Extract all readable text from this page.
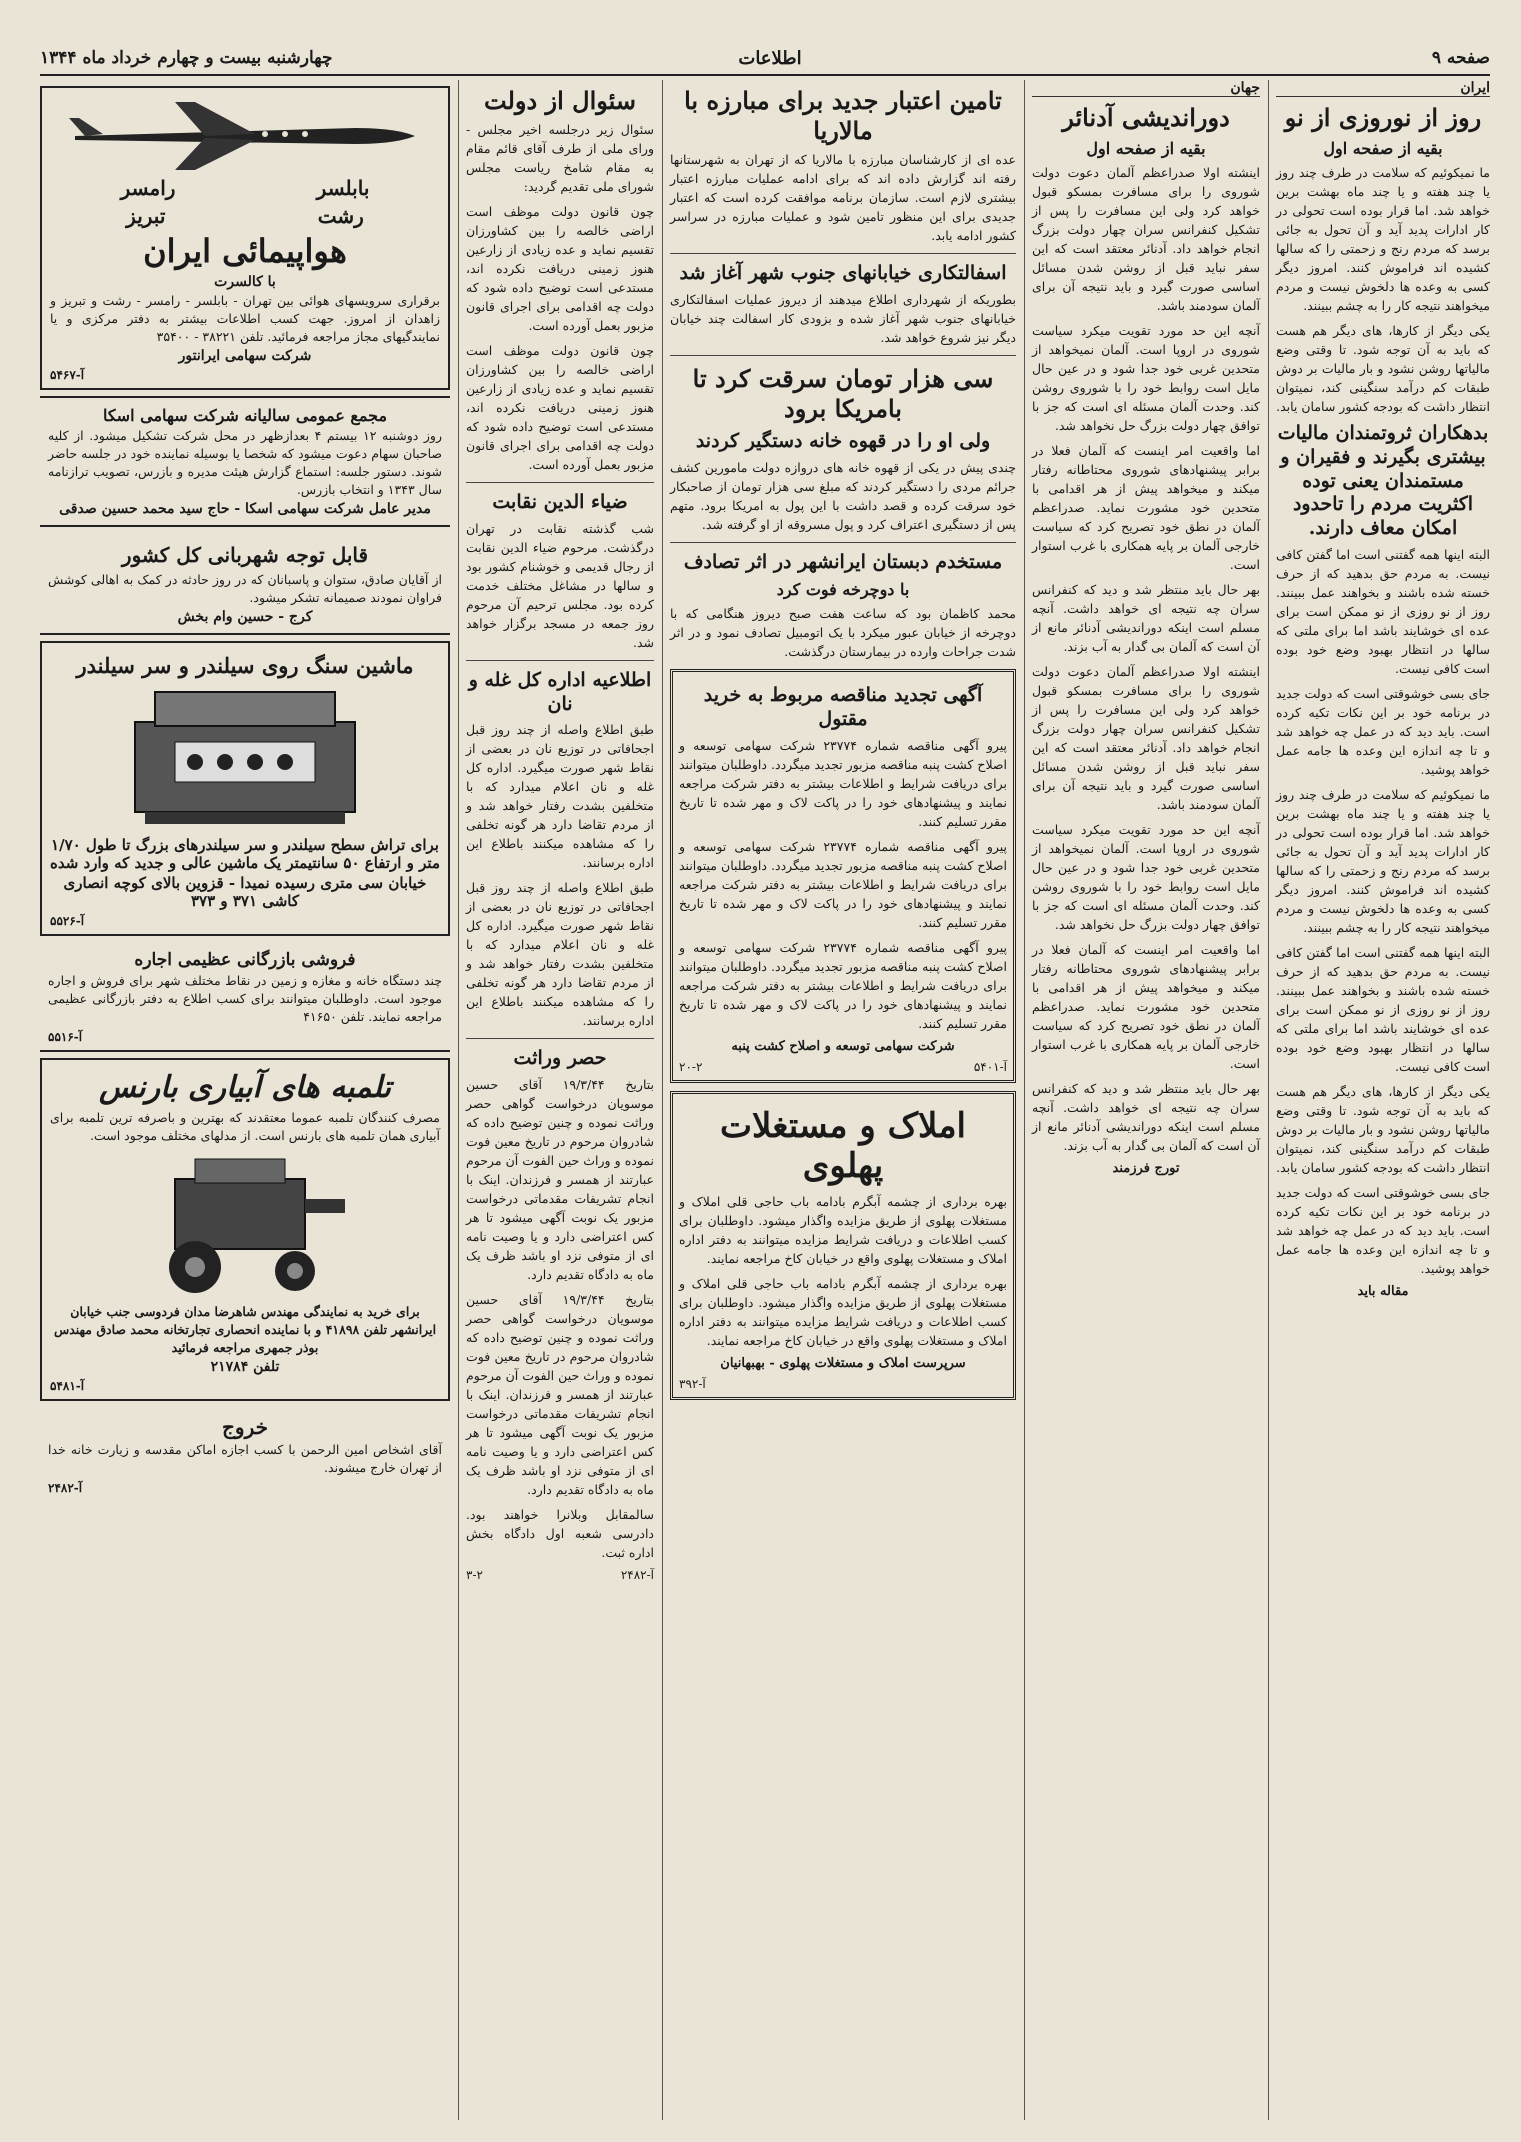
صفحه ۹
اطلاعات
چهارشنبه بیست و چهارم خرداد ماه ۱۳۴۴
ایران
روز از نوروزی از نو
بقیه از صفحه اول

ما نمیکوئیم که سلامت در طرف چند روز یا چند هفته و یا چند ماه بهشت برین خواهد شد. اما قرار بوده است تحولی در کار ادارات پدید آید و آن تحول به جائی برسد که مردم رنج و زحمتی را که سالها کشیده اند فراموش کنند. امروز دیگر کسی به وعده ها دلخوش نیست و مردم میخواهند نتیجه کار را به چشم ببینند.

یکی دیگر از کارها، های دیگر هم هست که باید به آن توجه شود. تا وقتی وضع مالیاتها روشن نشود و بار مالیات بر دوش طبقات کم درآمد سنگینی کند، نمیتوان انتظار داشت که بودجه کشور سامان یابد.

بدهکاران ثروتمندان مالیات بیشتری بگیرند و فقیران و مستمندان یعنی توده اکثریت مردم را تاحدود امکان معاف دارند.

البته اینها همه گفتنی است اما گفتن کافی نیست. به مردم حق بدهید که از حرف خسته شده باشند و بخواهند عمل ببینند. روز از نو روزی از نو ممکن است برای عده ای خوشایند باشد اما برای ملتی که سالها در انتظار بهبود وضع خود بوده است کافی نیست.

جای بسی خوشوقتی است که دولت جدید در برنامه خود بر این نکات تکیه کرده است. باید دید که در عمل چه خواهد شد و تا چه اندازه این وعده ها جامه عمل خواهد پوشید.

ما نمیکوئیم که سلامت در طرف چند روز یا چند هفته و یا چند ماه بهشت برین خواهد شد. اما قرار بوده است تحولی در کار ادارات پدید آید و آن تحول به جائی برسد که مردم رنج و زحمتی را که سالها کشیده اند فراموش کنند. امروز دیگر کسی به وعده ها دلخوش نیست و مردم میخواهند نتیجه کار را به چشم ببینند.

البته اینها همه گفتنی است اما گفتن کافی نیست. به مردم حق بدهید که از حرف خسته شده باشند و بخواهند عمل ببینند. روز از نو روزی از نو ممکن است برای عده ای خوشایند باشد اما برای ملتی که سالها در انتظار بهبود وضع خود بوده است کافی نیست.

یکی دیگر از کارها، های دیگر هم هست که باید به آن توجه شود. تا وقتی وضع مالیاتها روشن نشود و بار مالیات بر دوش طبقات کم درآمد سنگینی کند، نمیتوان انتظار داشت که بودجه کشور سامان یابد.

جای بسی خوشوقتی است که دولت جدید در برنامه خود بر این نکات تکیه کرده است. باید دید که در عمل چه خواهد شد و تا چه اندازه این وعده ها جامه عمل خواهد پوشید.

مقاله باید
جهان
دوراندیشی آدنائر
بقیه از صفحه اول

اینشته اولا صدراعظم آلمان دعوت دولت شوروی را برای مسافرت بمسکو قبول خواهد کرد ولی این مسافرت را پس از تشکیل کنفرانس سران چهار دولت بزرگ انجام خواهد داد. آدنائر معتقد است که این سفر نباید قبل از روشن شدن مسائل اساسی صورت گیرد و باید نتیجه آن برای آلمان سودمند باشد.

آنچه این حد مورد تقویت میکرد سیاست شوروی در اروپا است. آلمان نمیخواهد از متحدین غربی خود جدا شود و در عین حال مایل است روابط خود را با شوروی روشن کند. وحدت آلمان مسئله ای است که جز با توافق چهار دولت بزرگ حل نخواهد شد.

اما واقعیت امر اینست که آلمان فعلا در برابر پیشنهادهای شوروی محتاطانه رفتار میکند و میخواهد پیش از هر اقدامی با متحدین خود مشورت نماید. صدراعظم آلمان در نطق خود تصریح کرد که سیاست خارجی آلمان بر پایه همکاری با غرب استوار است.

بهر حال باید منتظر شد و دید که کنفرانس سران چه نتیجه ای خواهد داشت. آنچه مسلم است اینکه دوراندیشی آدنائر مانع از آن است که آلمان بی گدار به آب بزند.

اینشته اولا صدراعظم آلمان دعوت دولت شوروی را برای مسافرت بمسکو قبول خواهد کرد ولی این مسافرت را پس از تشکیل کنفرانس سران چهار دولت بزرگ انجام خواهد داد. آدنائر معتقد است که این سفر نباید قبل از روشن شدن مسائل اساسی صورت گیرد و باید نتیجه آن برای آلمان سودمند باشد.

آنچه این حد مورد تقویت میکرد سیاست شوروی در اروپا است. آلمان نمیخواهد از متحدین غربی خود جدا شود و در عین حال مایل است روابط خود را با شوروی روشن کند. وحدت آلمان مسئله ای است که جز با توافق چهار دولت بزرگ حل نخواهد شد.

اما واقعیت امر اینست که آلمان فعلا در برابر پیشنهادهای شوروی محتاطانه رفتار میکند و میخواهد پیش از هر اقدامی با متحدین خود مشورت نماید. صدراعظم آلمان در نطق خود تصریح کرد که سیاست خارجی آلمان بر پایه همکاری با غرب استوار است.

بهر حال باید منتظر شد و دید که کنفرانس سران چه نتیجه ای خواهد داشت. آنچه مسلم است اینکه دوراندیشی آدنائر مانع از آن است که آلمان بی گدار به آب بزند.

تورج فرزمند
تامین اعتبار جدید برای مبارزه با مالاریا

عده ای از کارشناسان مبارزه با مالاریا که از تهران به شهرستانها رفته اند گزارش داده اند که برای ادامه عملیات مبارزه اعتبار بیشتری لازم است. سازمان برنامه موافقت کرده است که اعتبار جدیدی برای این منظور تامین شود و عملیات مبارزه در سراسر کشور ادامه یابد.

اسفالتکاری خیابانهای جنوب شهر آغاز شد

بطوریکه از شهرداری اطلاع میدهند از دیروز عملیات اسفالتکاری خیابانهای جنوب شهر آغاز شده و بزودی کار اسفالت چند خیابان دیگر نیز شروع خواهد شد.

سی هزار تومان سرقت کرد تا بامریکا برود
ولی او را در قهوه خانه دستگیر کردند

چندی پیش در یکی از قهوه خانه های دروازه دولت مامورین کشف جرائم مردی را دستگیر کردند که مبلغ سی هزار تومان از صاحبکار خود سرقت کرده و قصد داشت با این پول به امریکا برود. متهم پس از دستگیری اعتراف کرد و پول مسروقه از او گرفته شد.

مستخدم دبستان ایرانشهر در اثر تصادف
با دوچرخه فوت کرد

محمد کاظمان بود که ساعت هفت صبح دیروز هنگامی که با دوچرخه از خیابان عبور میکرد با یک اتومبیل تصادف نمود و در اثر شدت جراحات وارده در بیمارستان درگذشت.

آگهی تجدید مناقصه مربوط به خرید مقتول

پیرو آگهی مناقصه شماره ۲۳۷۷۴ شرکت سهامی توسعه و اصلاح کشت پنبه مناقصه مزبور تجدید میگردد. داوطلبان میتوانند برای دریافت شرایط و اطلاعات بیشتر به دفتر شرکت مراجعه نمایند و پیشنهادهای خود را در پاکت لاک و مهر شده تا تاریخ مقرر تسلیم کنند.

پیرو آگهی مناقصه شماره ۲۳۷۷۴ شرکت سهامی توسعه و اصلاح کشت پنبه مناقصه مزبور تجدید میگردد. داوطلبان میتوانند برای دریافت شرایط و اطلاعات بیشتر به دفتر شرکت مراجعه نمایند و پیشنهادهای خود را در پاکت لاک و مهر شده تا تاریخ مقرر تسلیم کنند.

پیرو آگهی مناقصه شماره ۲۳۷۷۴ شرکت سهامی توسعه و اصلاح کشت پنبه مناقصه مزبور تجدید میگردد. داوطلبان میتوانند برای دریافت شرایط و اطلاعات بیشتر به دفتر شرکت مراجعه نمایند و پیشنهادهای خود را در پاکت لاک و مهر شده تا تاریخ مقرر تسلیم کنند.

شرکت سهامی توسعه و اصلاح کشت پنبه
آ-۵۴۰۱
۲۰-۲
املاک و مستغلات پهلوی

بهره برداری از چشمه آبگرم بادامه باب حاجی قلی املاک و مستغلات پهلوی از طریق مزایده واگذار میشود. داوطلبان برای کسب اطلاعات و دریافت شرایط مزایده میتوانند به دفتر اداره املاک و مستغلات پهلوی واقع در خیابان کاخ مراجعه نمایند.

بهره برداری از چشمه آبگرم بادامه باب حاجی قلی املاک و مستغلات پهلوی از طریق مزایده واگذار میشود. داوطلبان برای کسب اطلاعات و دریافت شرایط مزایده میتوانند به دفتر اداره املاک و مستغلات پهلوی واقع در خیابان کاخ مراجعه نمایند.

سرپرست املاک و مستغلات پهلوی - بهبهانیان
آ-۳۹۲
سئوال از دولت

سئوال زیر درجلسه اخیر مجلس - ورای ملی از طرف آقای قائم مقام به مقام شامخ ریاست مجلس شورای ملی تقدیم گردید:

چون قانون دولت موظف است اراضی خالصه را بین کشاورزان تقسیم نماید و عده زیادی از زارعین هنوز زمینی دریافت نکرده اند، مستدعی است توضیح داده شود که دولت چه اقدامی برای اجرای قانون مزبور بعمل آورده است.

چون قانون دولت موظف است اراضی خالصه را بین کشاورزان تقسیم نماید و عده زیادی از زارعین هنوز زمینی دریافت نکرده اند، مستدعی است توضیح داده شود که دولت چه اقدامی برای اجرای قانون مزبور بعمل آورده است.

ضیاء الدین نقابت

شب گذشته نقابت در تهران درگذشت. مرحوم ضیاء الدین نقابت از رجال قدیمی و خوشنام کشور بود و سالها در مشاغل مختلف خدمت کرده بود. مجلس ترحیم آن مرحوم روز جمعه در مسجد برگزار خواهد شد.

اطلاعیه اداره کل غله و نان

طبق اطلاع واصله از چند روز قبل اجحافاتی در توزیع نان در بعضی از نقاط شهر صورت میگیرد. اداره کل غله و نان اعلام میدارد که با متخلفین بشدت رفتار خواهد شد و از مردم تقاضا دارد هر گونه تخلفی را که مشاهده میکنند باطلاع این اداره برسانند.

طبق اطلاع واصله از چند روز قبل اجحافاتی در توزیع نان در بعضی از نقاط شهر صورت میگیرد. اداره کل غله و نان اعلام میدارد که با متخلفین بشدت رفتار خواهد شد و از مردم تقاضا دارد هر گونه تخلفی را که مشاهده میکنند باطلاع این اداره برسانند.

حصر وراثت

بتاریخ ۱۹/۳/۴۴ آقای حسین موسویان درخواست گواهی حصر وراثت نموده و چنین توضیح داده که شادروان مرحوم در تاریخ معین فوت نموده و وراث حین الفوت آن مرحوم عبارتند از همسر و فرزندان. اینک با انجام تشریفات مقدماتی درخواست مزبور یک نوبت آگهی میشود تا هر کس اعتراضی دارد و یا وصیت نامه ای از متوفی نزد او باشد ظرف یک ماه به دادگاه تقدیم دارد.

بتاریخ ۱۹/۳/۴۴ آقای حسین موسویان درخواست گواهی حصر وراثت نموده و چنین توضیح داده که شادروان مرحوم در تاریخ معین فوت نموده و وراث حین الفوت آن مرحوم عبارتند از همسر و فرزندان. اینک با انجام تشریفات مقدماتی درخواست مزبور یک نوبت آگهی میشود تا هر کس اعتراضی دارد و یا وصیت نامه ای از متوفی نزد او باشد ظرف یک ماه به دادگاه تقدیم دارد.

سالمقابل وبلانرا خواهند بود. دادرسی شعبه اول دادگاه بخش اداره ثبت.

آ-۲۴۸۲
۳-۲
بابلسر
رامسر
رشت
تبریز
هواپیمائی ایران
با کالسرت
برقراری سرویسهای هوائی بین تهران - بابلسر - رامسر - رشت و تبریز و زاهدان از امروز. جهت کسب اطلاعات بیشتر به دفتر مرکزی و یا نمایندگیهای مجاز مراجعه فرمائید. تلفن ۳۸۲۲۱ - ۳۵۴۰۰
شرکت سهامی ایرانتور
آ-۵۴۶۷
مجمع عمومی سالیانه شرکت سهامی اسکا
روز دوشنبه ۱۲ بیستم ۴ بعدازظهر در محل شرکت تشکیل میشود. از کلیه صاحبان سهام دعوت میشود که شخصا یا بوسیله نماینده خود در جلسه حاضر شوند. دستور جلسه: استماع گزارش هیئت مدیره و بازرس، تصویب ترازنامه سال ۱۳۴۳ و انتخاب بازرس.
مدیر عامل شرکت سهامی اسکا - حاج سید محمد حسین صدقی
قابل توجه شهربانی کل کشور
از آقایان صادق، ستوان و پاسبانان که در روز حادثه در کمک به اهالی کوشش فراوان نمودند صمیمانه تشکر میشود.
کرج - حسین وام بخش
ماشین سنگ روی سیلندر و سر سیلندر
برای تراش سطح سیلندر و سر سیلندرهای بزرگ تا طول ۱/۷۰ متر و ارتفاع ۵۰ سانتیمتر یک ماشین عالی و جدید که وارد شده
خیابان سی متری رسیده نمیدا - قزوین بالای کوچه انصاری کاشی ۳۷۱ و ۳۷۳
آ-۵۵۲۶
فروشی بازرگانی عظیمی اجاره
چند دستگاه خانه و مغازه و زمین در نقاط مختلف شهر برای فروش و اجاره موجود است. داوطلبان میتوانند برای کسب اطلاع به دفتر بازرگانی عظیمی مراجعه نمایند. تلفن ۴۱۶۵۰
آ-۵۵۱۶
تلمبه های آبیاری بارنس
مصرف کنندگان تلمبه عموما معتقدند که بهترین و باصرفه ترین تلمبه برای آبیاری همان تلمبه های بارنس است. از مدلهای مختلف موجود است.
برای خرید به نمایندگی مهندس شاهرضا مدان فردوسی جنب خیابان ایرانشهر تلفن ۴۱۸۹۸ و با نماینده انحصاری تجارتخانه محمد صادق مهندس بوذر جمهری مراجعه فرمائید
تلفن ۲۱۷۸۴
آ-۵۴۸۱
خروج
آقای اشخاص امین الرحمن با کسب اجازه اماکن مقدسه و زیارت خانه خدا از تهران خارج میشوند.
آ-۲۴۸۲
